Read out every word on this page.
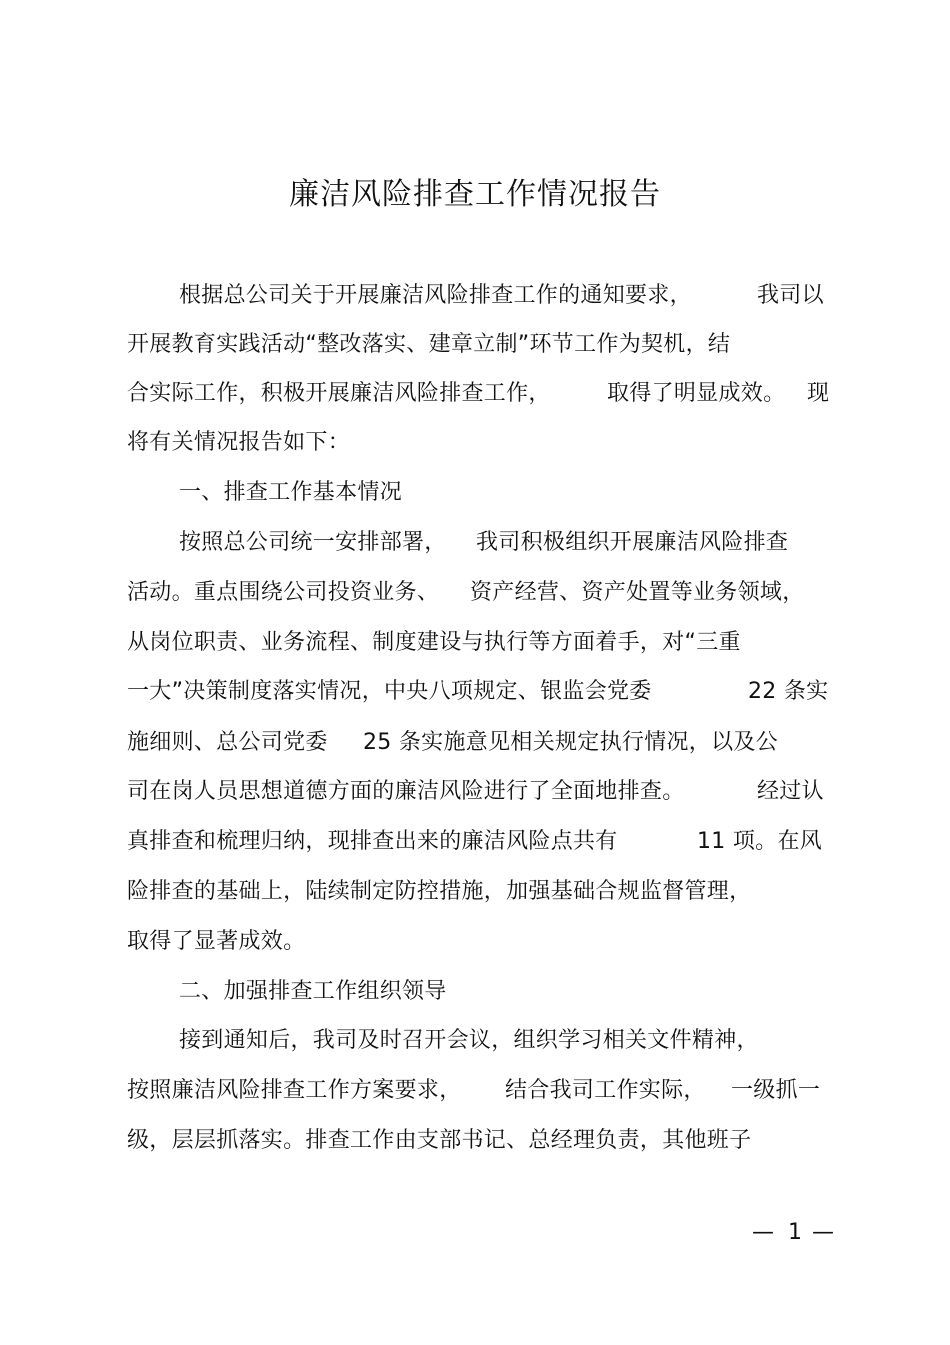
廉洁风险排查工作情况报告
根据总公司关于开展廉洁风险排查工作的通知要求，	我司以
开展教育实践活动“整改落实、建章立制”环节工作为契机，结
合实际工作，积极开展廉洁风险排查工作，	取得了明显成效。 现
将有关情况报告如下：
一、排查工作基本情况
按照总公司统一安排部署， 我司积极组织开展廉洁风险排查
活动。重点围绕公司投资业务、 资产经营、资产处置等业务领域，
从岗位职责、业务流程、制度建设与执行等方面着手，对“三重
一大”决策制度落实情况，中央八项规定、银监会党委	22 条实
施细则、总公司党委 25 条实施意见相关规定执行情况，以及公
司在岗人员思想道德方面的廉洁风险进行了全面地排查。	经过认
真排查和梳理归纳，现排查出来的廉洁风险点共有	11 项。在风
险排查的基础上，陆续制定防控措施，加强基础合规监督管理，
取得了显著成效。
二、加强排查工作组织领导
接到通知后，我司及时召开会议，组织学习相关文件精神，
按照廉洁风险排查工作方案要求， 结合我司工作实际， 一级抓一
级，层层抓落实。排查工作由支部书记、总经理负责，其他班子
— 1 —
